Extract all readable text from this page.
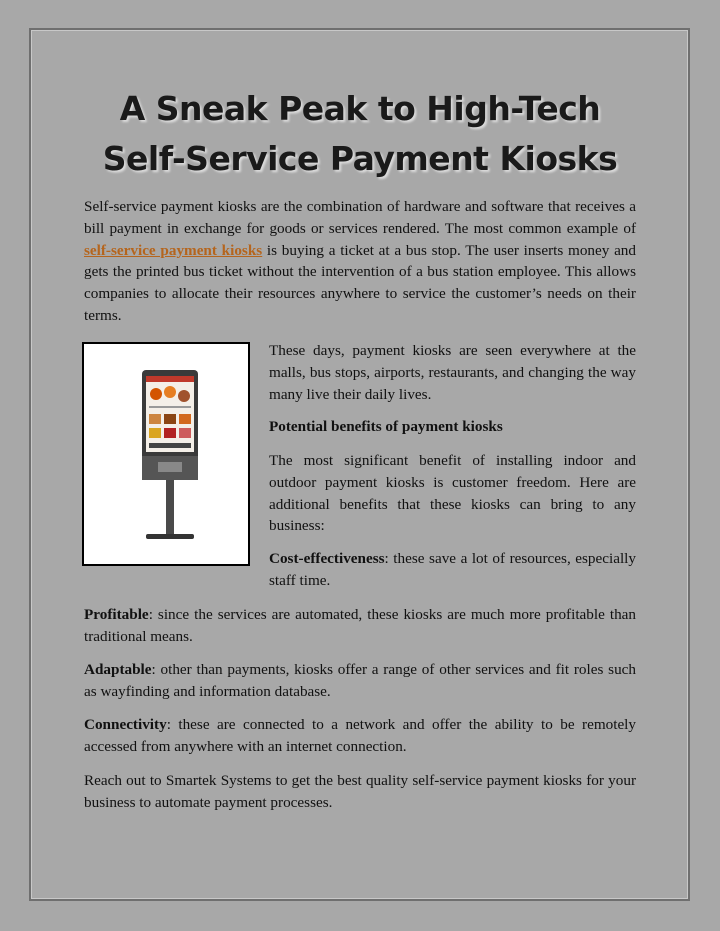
A Sneak Peak to High-Tech
Self-Service Payment Kiosks

Self-service payment kiosks are the combination of hardware and software that receives a bill payment in exchange for goods or services rendered. The most common example of self-service payment kiosks is buying a ticket at a bus stop. The user inserts money and gets the printed bus ticket without the intervention of a bus station employee. This allows companies to allocate their resources anywhere to service the customer’s needs on their terms.

These days, payment kiosks are seen everywhere at the malls, bus stops, airports, restaurants, and changing the way many live their daily lives.

Potential benefits of payment kiosks

The most significant benefit of installing indoor and outdoor payment kiosks is customer freedom. Here are additional benefits that these kiosks can bring to any business:

Cost-effectiveness: these save a lot of resources, especially staff time.

Profitable: since the services are automated, these kiosks are much more profitable than traditional means.

Adaptable: other than payments, kiosks offer a range of other services and fit roles such as wayfinding and information database.

Connectivity: these are connected to a network and offer the ability to be remotely accessed from anywhere with an internet connection.

Reach out to Smartek Systems to get the best quality self-service payment kiosks for your business to automate payment processes.
